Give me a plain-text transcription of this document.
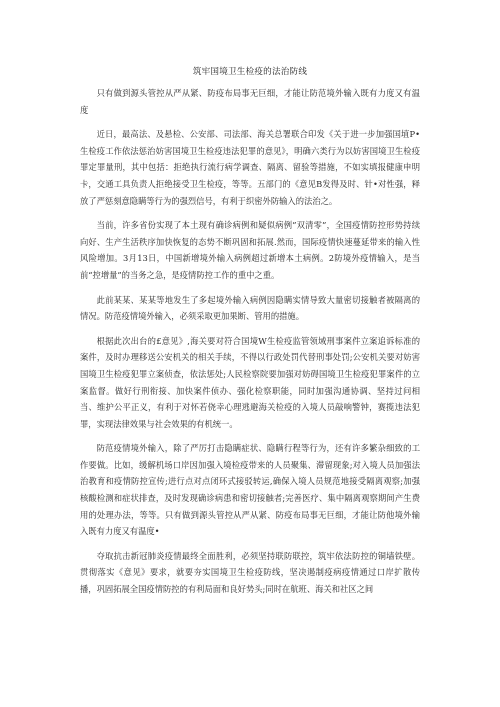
筑牢国境卫生检疫的法治防线

只有做到源头管控从严从紧、防疫布局事无巨细，才能让防范境外输入既有力度又有温度

近日，最高法、及悬检、公安部、司法部、海关总署联合印发《关于进一步加强国埴P•生检疫工作依法惩治妨害国境卫生检疫违法犯罪的意见》，明确六类行为以妨害国境卫生检疫罪定罪量刑，其中包括：拒绝执行流行病学调查、隔离、留验等措施，不如实填报健康申明卡，交通工具负责人拒绝接受卫生检疫，等等。五部门的《意见B发得及时、针•对性强，释放了严惩刻意隐瞒等行为的强烈信号，有利于织密外防输入的法治之。

当前，许多省份实现了本土现有确诊病例和疑似病例”双清零”，全国疫情防控形势持续向好、生产生活秩序加快恢复的态势不断巩固和拓展.然而，国际疫情快速蔓延带来的输入性风险增加。3月13日，中国新增境外输入病例超过新增本土病例。2防境外疫情输入，是当前“控增量”的当务之急，是疫情防控工作的重中之重。

此前某某、某某等地发生了多起境外输入病例因隐瞒实情导致大量密切接触者被隔离的情况。防范疫情境外输入，必须采取更加果断、管用的措施。

根据此次出台的£意见》,海关要对符合国境W生检疫监管领域刑事案件立案追诉标准的案件，及时办理移送公安机关的相关手续，不得以行政处罚代替刑事处罚;公安机关要对妨害国境卫生检疫犯罪立案侦查，依法惩处;人民检察院要加强对妨碍国境卫生检疫犯罪案件的立案监督。做好行刑衔接、加快案件侦办、强化检察职能，同时加强沟通协调、坚持过问相当、维护公平正义，有利于对怀若侥幸心理逃避海关检疫的入境人员敲响警钟，赛揽违法犯罪，实现法律效果与社会效果的有机统一。

防范疫情境外输入，除了严厉打击隐瞒症状、隐瞒行程等行为，还有许多繁杂细致的工作要做。比如，缓解机场口岸因加强入境检疫带来的人员聚集、滞留现象;对入境人员加强法治教育和疫情防控宣传;进行点对点闭环式接驳转运,确保入境人员规范地接受隔离观察;加强核酸检测和症状排查，及时发现确诊病患和密切接触者;完善医疗、集中隔离观察期间产生费用的处理办法，等等。只有做到源头管控从严从紧、防疫布局事无巨细，才能让防他境外输入既有力度又有温度•

夺取抗击新冠肺炎疫情最终全面胜利，必须坚持联防联控，筑牢依法防控的铜墙铁壁。贯彻落实《意见》要求，就要夯实国境卫生检疫防线，坚决遏制疫病疫情通过口岸扩散传播，巩固拓展全国疫情防控的有利局面和良好势头;同时在航班、海关和社区之间
